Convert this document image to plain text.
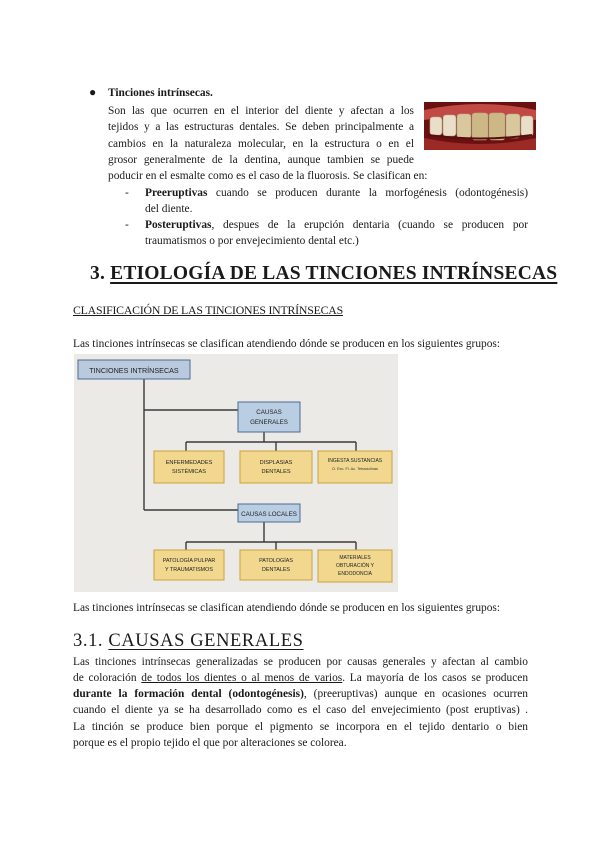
● Tinciones intrínsecas.
Son las que ocurren en el interior del diente y afectan a los
tejidos y a las estructuras dentales. Se deben principalmente a
cambios en la naturaleza molecular, en la estructura o en el
grosor generalmente de la dentina, aunque tambien se puede
poducir en el esmalte como es el caso de la fluorosis. Se clasifican en:
- Preeruptivas cuando se producen durante la morfogénesis (odontogénesis)
del diente.
- Posteruptivas, despues de la erupción dentaria (cuando se producen por
traumatismos o por envejecimiento dental etc.)
3. ETIOLOGÍA DE LAS TINCIONES INTRÍNSECAS
CLASIFICACIÓN DE LAS TINCIONES INTRÍNSECAS
Las tinciones intrínsecas se clasifican atendiendo dónde se producen en los siguientes grupos:
TINCIONES INTRÍNSECAS
CAUSAS
GENERALES
ENFERMEDADES
SISTÉMICAS
DISPLASIAS
DENTALES
INGESTA SUSTANCIAS
O. Exc. Fl. Ac. Tetraciclinas
CAUSAS LOCALES
PATOLOGÍA PULPAR
Y TRAUMATISMOS
PATOLOGÍAS
DENTALES
MATERIALES
OBTURACIÓN Y
ENDODONCIA
Las tinciones intrínsecas se clasifican atendiendo dónde se producen en los siguientes grupos:
3.1. CAUSAS GENERALES
Las tinciones intrínsecas generalizadas se producen por causas generales y afectan al cambio
de coloración de todos los dientes o al menos de varios. La mayoría de los casos se producen
durante la formación dental (odontogénesis), (preeruptivas) aunque en ocasiones ocurren
cuando el diente ya se ha desarrollado como es el caso del envejecimiento (post eruptivas) .
La tinción se produce bien porque el pigmento se incorpora en el tejido dentario o bien
porque es el propio tejido el que por alteraciones se colorea.
